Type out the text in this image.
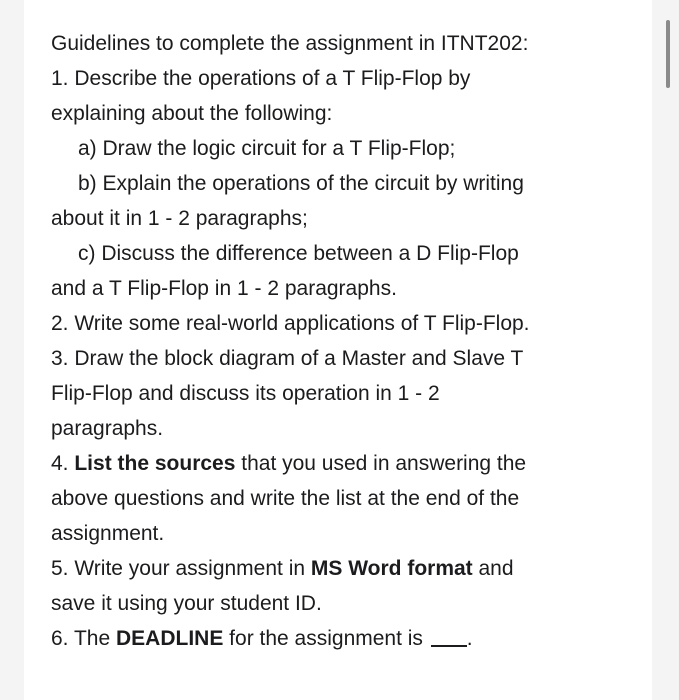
Guidelines to complete the assignment in ITNT202:
1. Describe the operations of a T Flip-Flop by
explaining about the following:
a) Draw the logic circuit for a T Flip-Flop;
b) Explain the operations of the circuit by writing
about it in 1 - 2 paragraphs;
c) Discuss the difference between a D Flip-Flop
and a T Flip-Flop in 1 - 2 paragraphs.
2. Write some real-world applications of T Flip-Flop.
3. Draw the block diagram of a Master and Slave T
Flip-Flop and discuss its operation in 1 - 2
paragraphs.
4. List the sources that you used in answering the
above questions and write the list at the end of the
assignment.
5. Write your assignment in MS Word format and
save it using your student ID.
6. The DEADLINE for the assignment is .
